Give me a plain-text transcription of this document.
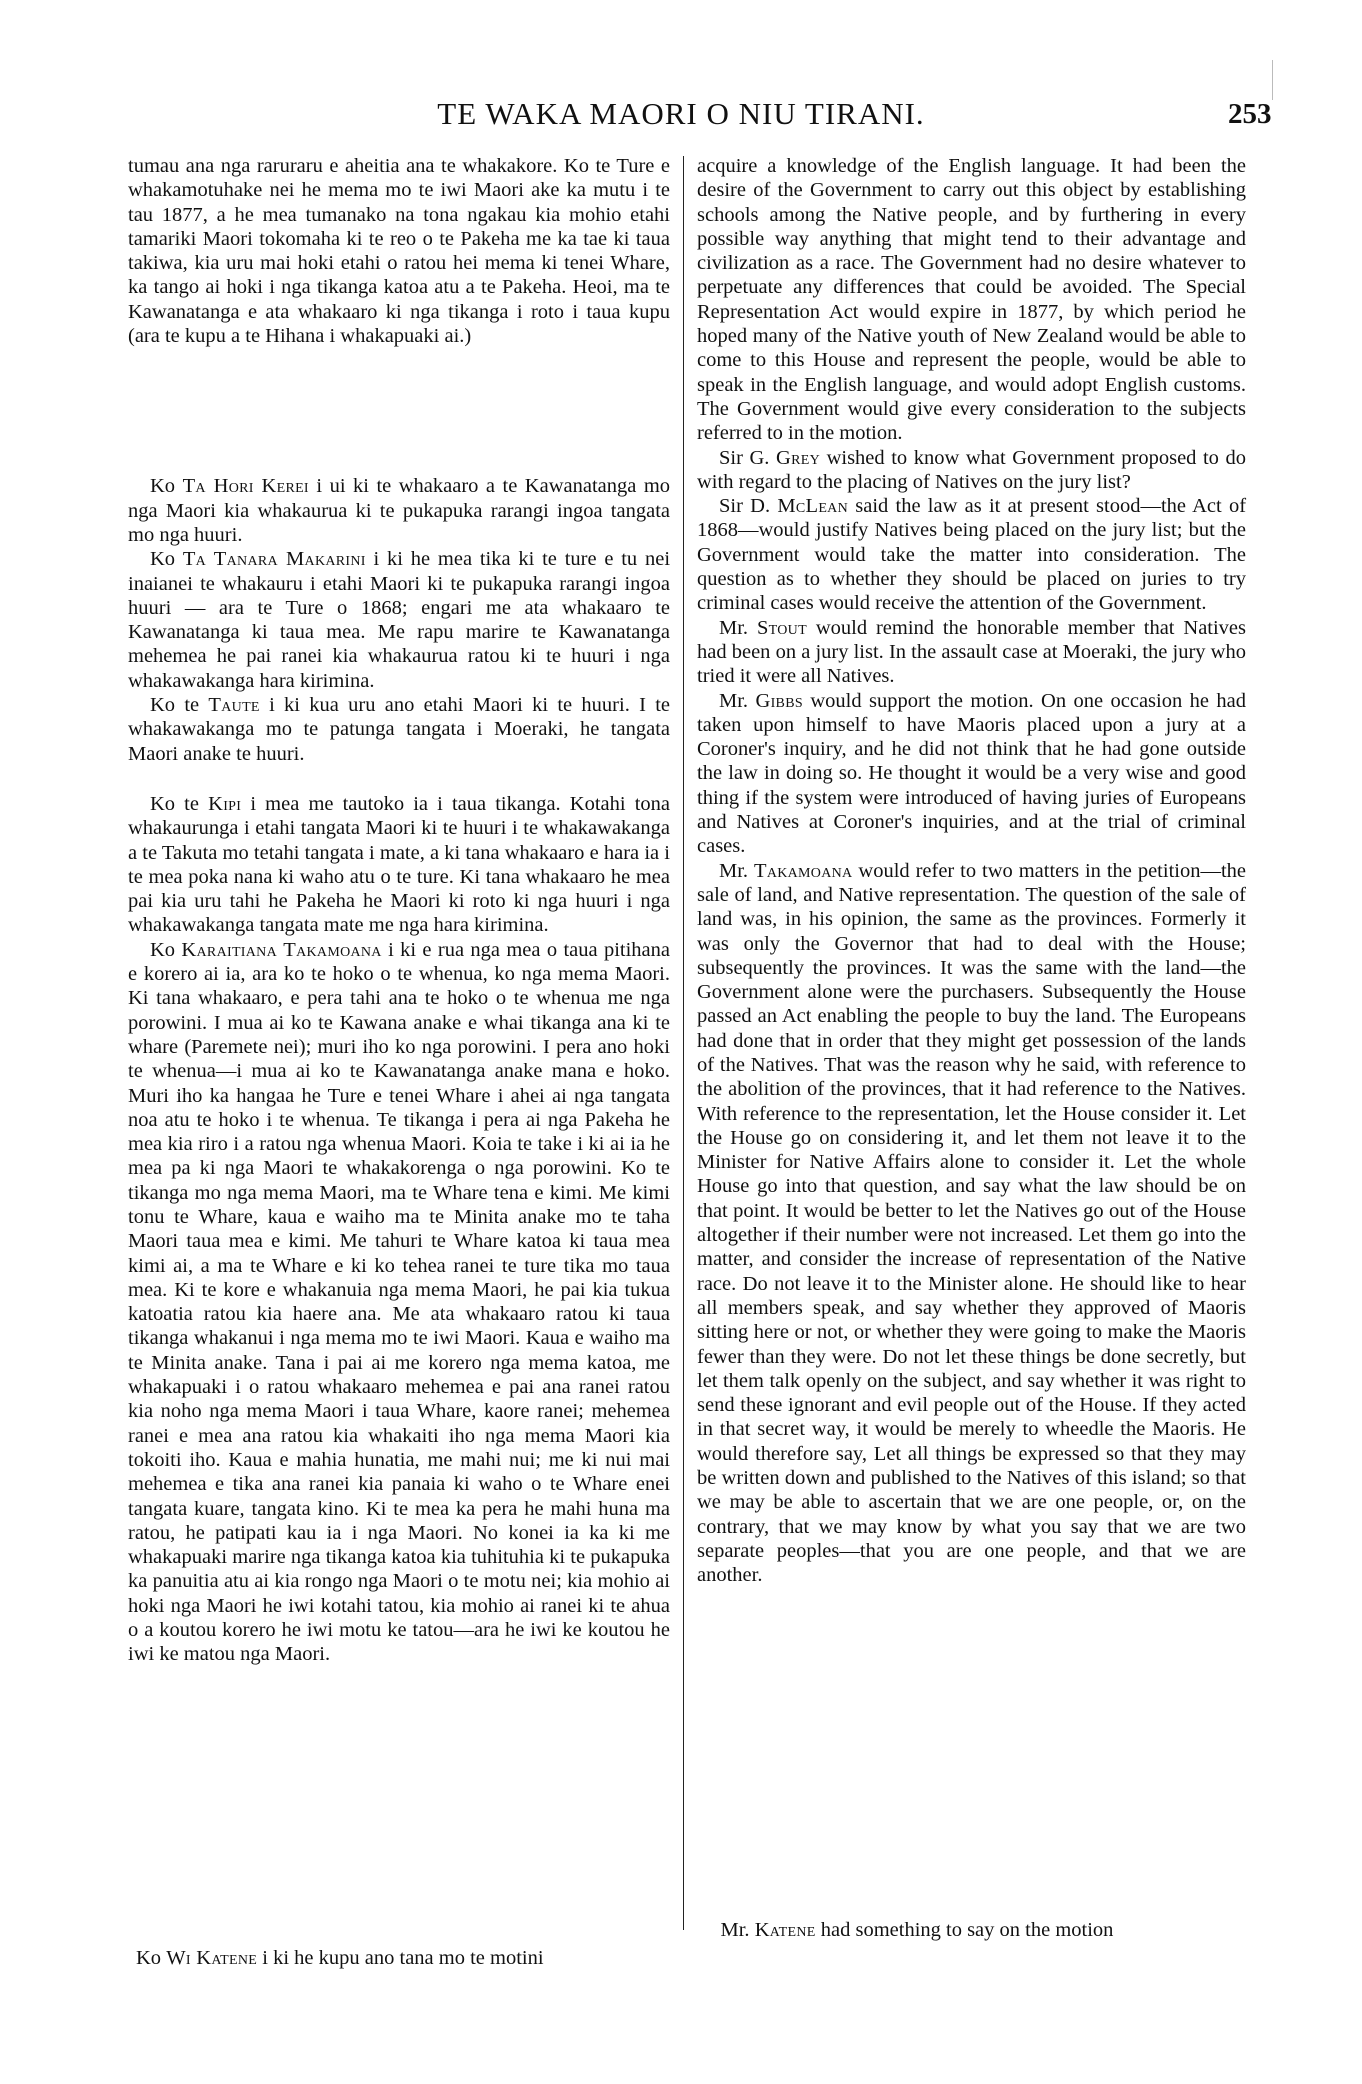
TE WAKA MAORI O NIU TIRANI.	253

tumau ana nga raruraru e aheitia ana te whakakore. Ko te Ture e whakamotuhake nei he mema mo te iwi Maori ake ka mutu i te tau 1877, a he mea tumanako na tona ngakau kia mohio etahi tamariki Maori tokomaha ki te reo o te Pakeha me ka tae ki taua takiwa, kia uru mai hoki etahi o ratou hei mema ki tenei Whare, ka tango ai hoki i nga tikanga katoa atu a te Pakeha. Heoi, ma te Kawanatanga e ata whakaaro ki nga tikanga i roto i taua kupu (ara te kupu a te Hihana i whakapuaki ai.)

Ko Ta Hori Kerei i ui ki te whakaaro a te Kawanatanga mo nga Maori kia whakaurua ki te pukapuka rarangi ingoa tangata mo nga huuri.

Ko Ta Tanara Makarini i ki he mea tika ki te ture e tu nei inaianei te whakauru i etahi Maori ki te pukapuka rarangi ingoa huuri — ara te Ture o 1868; engari me ata whakaaro te Kawanatanga ki taua mea. Me rapu marire te Kawanatanga mehemea he pai ranei kia whakaurua ratou ki te huuri i nga whakawakanga hara kirimina.

Ko te Taute i ki kua uru ano etahi Maori ki te huuri. I te whakawakanga mo te patunga tangata i Moeraki, he tangata Maori anake te huuri.

Ko te Kipi i mea me tautoko ia i taua tikanga. Kotahi tona whakaurunga i etahi tangata Maori ki te huuri i te whakawakanga a te Takuta mo tetahi tangata i mate, a ki tana whakaaro e hara ia i te mea poka nana ki waho atu o te ture. Ki tana whakaaro he mea pai kia uru tahi he Pakeha he Maori ki roto ki nga huuri i nga whakawakanga tangata mate me nga hara kirimina.

Ko Karaitiana Takamoana i ki e rua nga mea o taua pitihana e korero ai ia, ara ko te hoko o te whenua, ko nga mema Maori. Ki tana whakaaro, e pera tahi ana te hoko o te whenua me nga porowini. I mua ai ko te Kawana anake e whai tikanga ana ki te whare (Paremete nei); muri iho ko nga porowini. I pera ano hoki te whenua—i mua ai ko te Kawanatanga anake mana e hoko. Muri iho ka hangaa he Ture e tenei Whare i ahei ai nga tangata noa atu te hoko i te whenua. Te tikanga i pera ai nga Pakeha he mea kia riro i a ratou nga whenua Maori. Koia te take i ki ai ia he mea pa ki nga Maori te whakakorenga o nga porowini. Ko te tikanga mo nga mema Maori, ma te Whare tena e kimi. Me kimi tonu te Whare, kaua e waiho ma te Minita anake mo te taha Maori taua mea e kimi. Me tahuri te Whare katoa ki taua mea kimi ai, a ma te Whare e ki ko tehea ranei te ture tika mo taua mea. Ki te kore e whakanuia nga mema Maori, he pai kia tukua katoatia ratou kia haere ana. Me ata whakaaro ratou ki taua tikanga whakanui i nga mema mo te iwi Maori. Kaua e waiho ma te Minita anake. Tana i pai ai me korero nga mema katoa, me whakapuaki i o ratou whakaaro mehemea e pai ana ranei ratou kia noho nga mema Maori i taua Whare, kaore ranei; mehemea ranei e mea ana ratou kia whakaiti iho nga mema Maori kia tokoiti iho. Kaua e mahia hunatia, me mahi nui; me ki nui mai mehemea e tika ana ranei kia panaia ki waho o te Whare enei tangata kuare, tangata kino. Ki te mea ka pera he mahi huna ma ratou, he patipati kau ia i nga Maori. No konei ia ka ki me whakapuaki marire nga tikanga katoa kia tuhituhia ki te pukapuka ka panuitia atu ai kia rongo nga Maori o te motu nei; kia mohio ai hoki nga Maori he iwi kotahi tatou, kia mohio ai ranei ki te ahua o a koutou korero he iwi motu ke tatou—ara he iwi ke koutou he iwi ke matou nga Maori.

Ko Wi Katene i ki he kupu ano tana mo te motini

acquire a knowledge of the English language. It had been the desire of the Government to carry out this object by establishing schools among the Native people, and by furthering in every possible way anything that might tend to their advantage and civilization as a race. The Government had no desire whatever to perpetuate any differences that could be avoided. The Special Representation Act would expire in 1877, by which period he hoped many of the Native youth of New Zealand would be able to come to this House and represent the people, would be able to speak in the English language, and would adopt English customs. The Government would give every consideration to the subjects referred to in the motion.

Sir G. Grey wished to know what Government proposed to do with regard to the placing of Natives on the jury list?

Sir D. McLean said the law as it at present stood—the Act of 1868—would justify Natives being placed on the jury list; but the Government would take the matter into consideration. The question as to whether they should be placed on juries to try criminal cases would receive the attention of the Government.

Mr. Stout would remind the honorable member that Natives had been on a jury list. In the assault case at Moeraki, the jury who tried it were all Natives.

Mr. Gibbs would support the motion. On one occasion he had taken upon himself to have Maoris placed upon a jury at a Coroner's inquiry, and he did not think that he had gone outside the law in doing so. He thought it would be a very wise and good thing if the system were introduced of having juries of Europeans and Natives at Coroner's inquiries, and at the trial of criminal cases.

Mr. Takamoana would refer to two matters in the petition—the sale of land, and Native representation. The question of the sale of land was, in his opinion, the same as the provinces. Formerly it was only the Governor that had to deal with the House; subsequently the provinces. It was the same with the land—the Government alone were the purchasers. Subsequently the House passed an Act enabling the people to buy the land. The Europeans had done that in order that they might get possession of the lands of the Natives. That was the reason why he said, with reference to the abolition of the provinces, that it had reference to the Natives. With reference to the representation, let the House consider it. Let the House go on considering it, and let them not leave it to the Minister for Native Affairs alone to consider it. Let the whole House go into that question, and say what the law should be on that point. It would be better to let the Natives go out of the House altogether if their number were not increased. Let them go into the matter, and consider the increase of representation of the Native race. Do not leave it to the Minister alone. He should like to hear all members speak, and say whether they approved of Maoris sitting here or not, or whether they were going to make the Maoris fewer than they were. Do not let these things be done secretly, but let them talk openly on the subject, and say whether it was right to send these ignorant and evil people out of the House. If they acted in that secret way, it would be merely to wheedle the Maoris. He would therefore say, Let all things be expressed so that they may be written down and published to the Natives of this island; so that we may be able to ascertain that we are one people, or, on the contrary, that we may know by what you say that we are two separate peoples—that you are one people, and that we are another.

 Mr. Katene had something to say on the motion
